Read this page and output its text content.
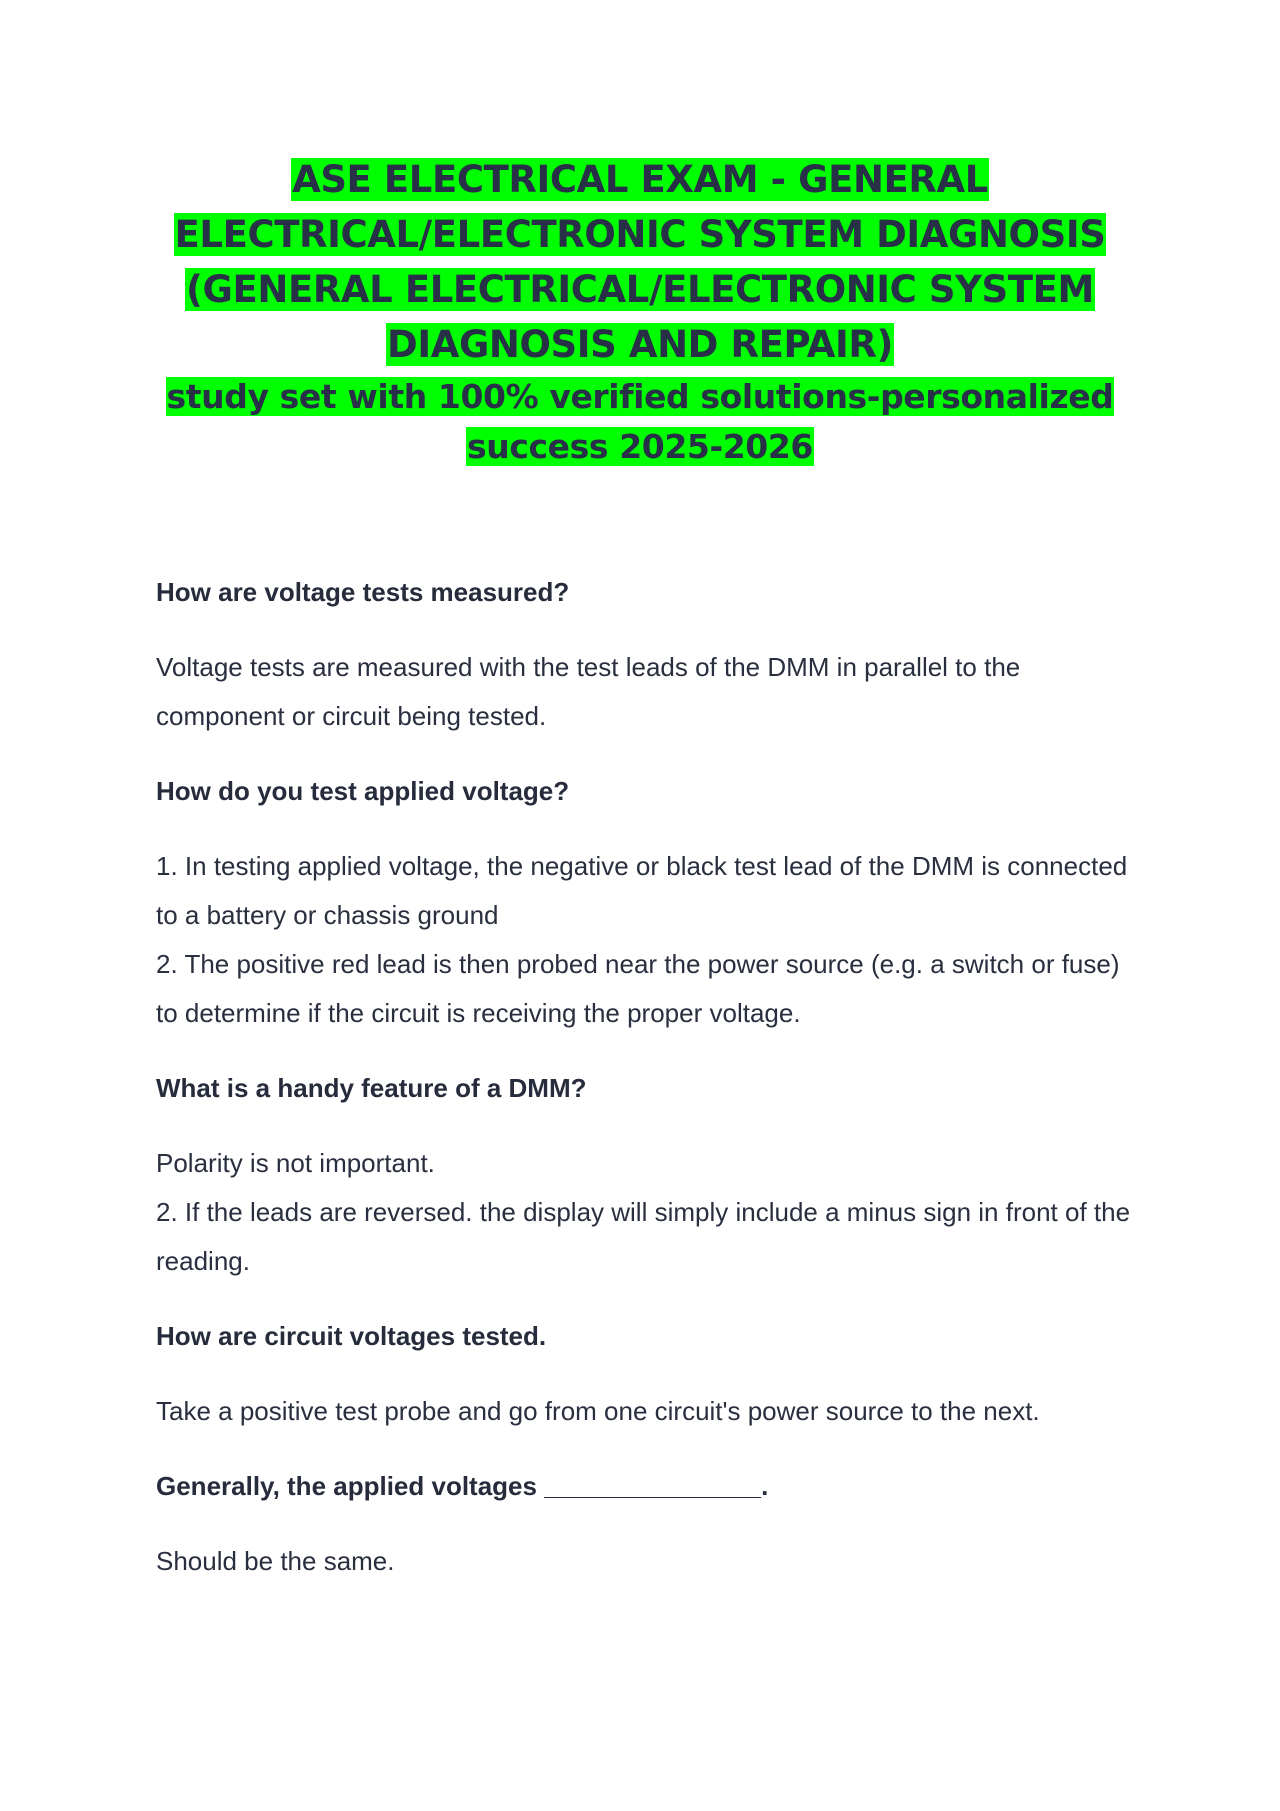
ASE ELECTRICAL EXAM - GENERAL
ELECTRICAL/ELECTRONIC SYSTEM DIAGNOSIS
(GENERAL ELECTRICAL/ELECTRONIC SYSTEM
DIAGNOSIS AND REPAIR)
study set with 100% verified solutions-personalized
success 2025-2026

How are voltage tests measured?

Voltage tests are measured with the test leads of the DMM in parallel to the component or circuit being tested.

How do you test applied voltage?

1. In testing applied voltage, the negative or black test lead of the DMM is connected to a battery or chassis ground
2. The positive red lead is then probed near the power source (e.g. a switch or fuse) to determine if the circuit is receiving the proper voltage.

What is a handy feature of a DMM?

Polarity is not important.
2. If the leads are reversed. the display will simply include a minus sign in front of the reading.

How are circuit voltages tested.

Take a positive test probe and go from one circuit's power source to the next.

Generally, the applied voltages _______________.

Should be the same.
